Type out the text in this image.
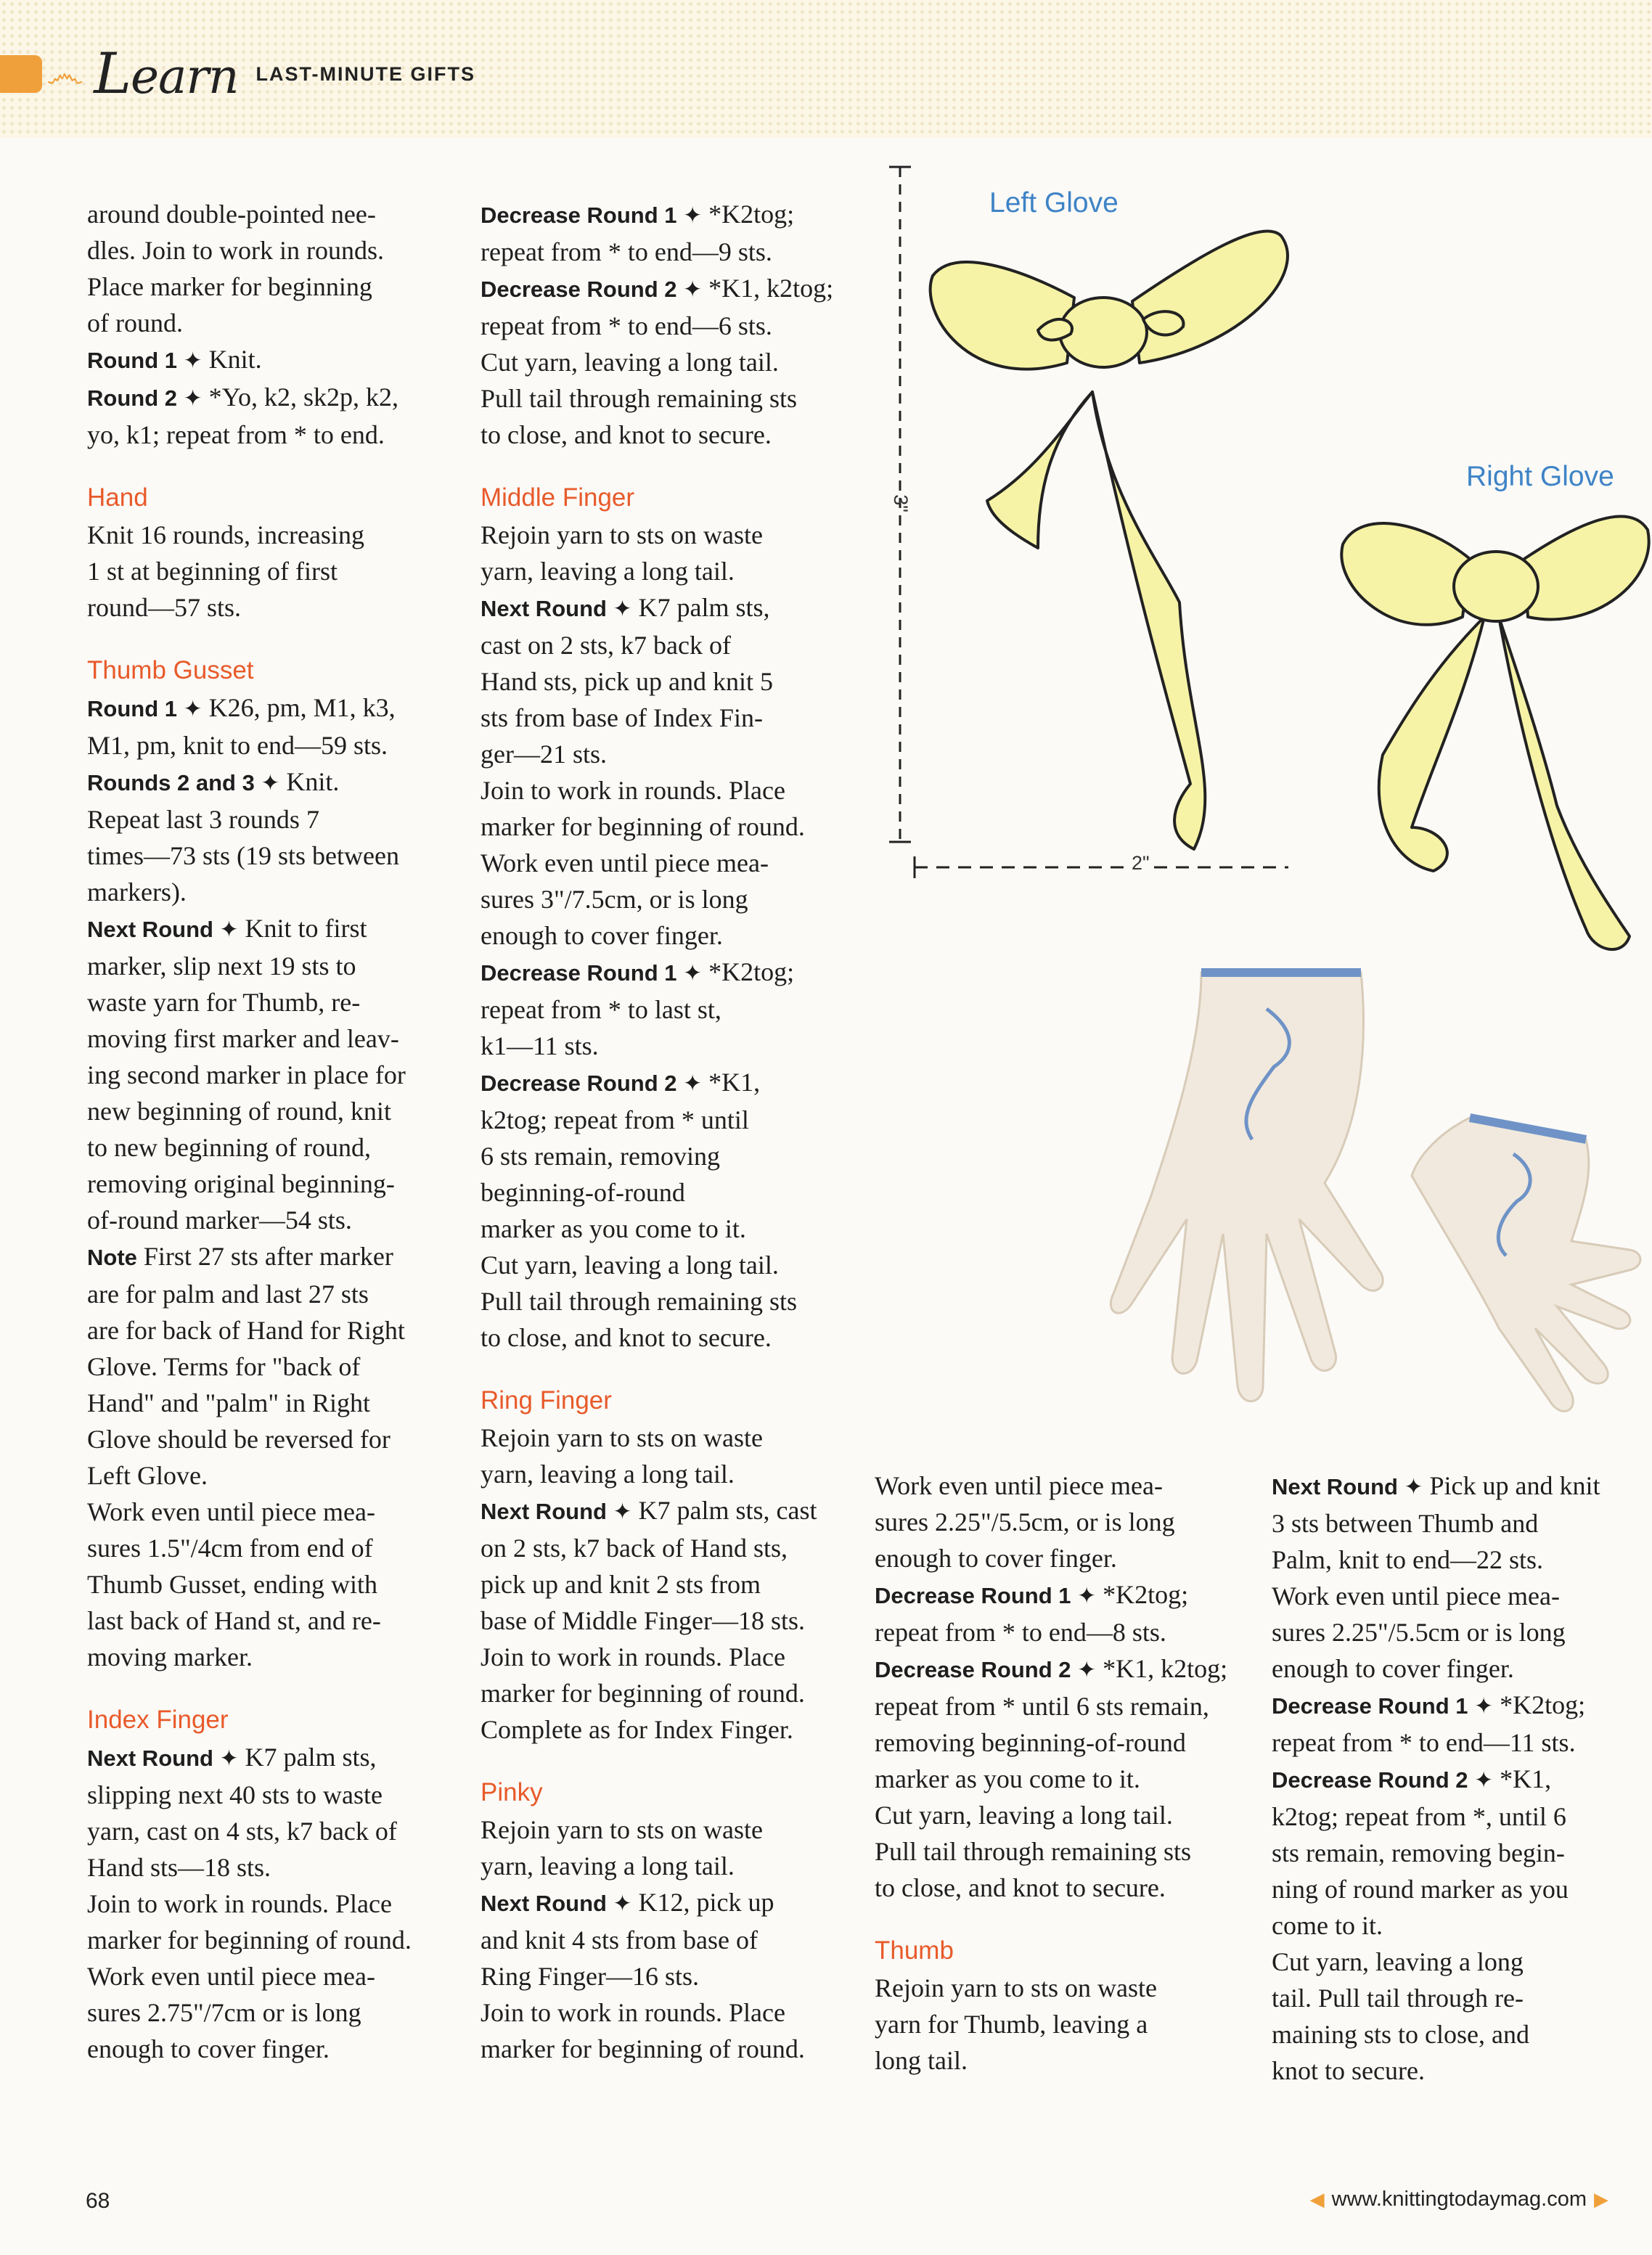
෴ Learn LAST-MINUTE GIFTS

around double-pointed nee-

dles. Join to work in rounds.

Place marker for beginning

of round.

Round 1 ✦ Knit.

Round 2 ✦ *Yo, k2, sk2p, k2,

yo, k1; repeat from * to end.

Hand

Knit 16 rounds, increasing

1 st at beginning of first

round—57 sts.

Thumb Gusset

Round 1 ✦ K26, pm, M1, k3,

M1, pm, knit to end—59 sts.

Rounds 2 and 3 ✦ Knit.

Repeat last 3 rounds 7

times—73 sts (19 sts between

markers).

Next Round ✦ Knit to first

marker, slip next 19 sts to

waste yarn for Thumb, re-

moving first marker and leav-

ing second marker in place for

new beginning of round, knit

to new beginning of round,

removing original beginning-

of-round marker—54 sts.

Note First 27 sts after marker

are for palm and last 27 sts

are for back of Hand for Right

Glove. Terms for "back of

Hand" and "palm" in Right

Glove should be reversed for

Left Glove.

Work even until piece mea-

sures 1.5"/4cm from end of

Thumb Gusset, ending with

last back of Hand st, and re-

moving marker.

Index Finger

Next Round ✦ K7 palm sts,

slipping next 40 sts to waste

yarn, cast on 4 sts, k7 back of

Hand sts—18 sts.

Join to work in rounds. Place

marker for beginning of round.

Work even until piece mea-

sures 2.75"/7cm or is long

enough to cover finger.

Decrease Round 1 ✦ *K2tog;

repeat from * to end—9 sts.

Decrease Round 2 ✦ *K1, k2tog;

repeat from * to end—6 sts.

Cut yarn, leaving a long tail.

Pull tail through remaining sts

to close, and knot to secure.

Middle Finger

Rejoin yarn to sts on waste

yarn, leaving a long tail.

Next Round ✦ K7 palm sts,

cast on 2 sts, k7 back of

Hand sts, pick up and knit 5

sts from base of Index Fin-

ger—21 sts.

Join to work in rounds. Place

marker for beginning of round.

Work even until piece mea-

sures 3"/7.5cm, or is long

enough to cover finger.

Decrease Round 1 ✦ *K2tog;

repeat from * to last st,

k1—11 sts.

Decrease Round 2 ✦ *K1,

k2tog; repeat from * until

6 sts remain, removing

beginning-of-round

marker as you come to it.

Cut yarn, leaving a long tail.

Pull tail through remaining sts

to close, and knot to secure.

Ring Finger

Rejoin yarn to sts on waste

yarn, leaving a long tail.

Next Round ✦ K7 palm sts, cast

on 2 sts, k7 back of Hand sts,

pick up and knit 2 sts from

base of Middle Finger—18 sts.

Join to work in rounds. Place

marker for beginning of round.

Complete as for Index Finger.

Pinky

Rejoin yarn to sts on waste

yarn, leaving a long tail.

Next Round ✦ K12, pick up

and knit 4 sts from base of

Ring Finger—16 sts.

Join to work in rounds. Place

marker for beginning of round.

Work even until piece mea-

sures 2.25"/5.5cm, or is long

enough to cover finger.

Decrease Round 1 ✦ *K2tog;

repeat from * to end—8 sts.

Decrease Round 2 ✦ *K1, k2tog;

repeat from * until 6 sts remain,

removing beginning-of-round

marker as you come to it.

Cut yarn, leaving a long tail.

Pull tail through remaining sts

to close, and knot to secure.

Thumb

Rejoin yarn to sts on waste

yarn for Thumb, leaving a

long tail.

Next Round ✦ Pick up and knit

3 sts between Thumb and

Palm, knit to end—22 sts.

Work even until piece mea-

sures 2.25"/5.5cm or is long

enough to cover finger.

Decrease Round 1 ✦ *K2tog;

repeat from * to end—11 sts.

Decrease Round 2 ✦ *K1,

k2tog; repeat from *, until 6

sts remain, removing begin-

ning of round marker as you

come to it.

Cut yarn, leaving a long

tail. Pull tail through re-

maining sts to close, and

knot to secure.

Left Glove
Right Glove
3"
2"
68	◀ www.knittingtodaymag.com ▶
